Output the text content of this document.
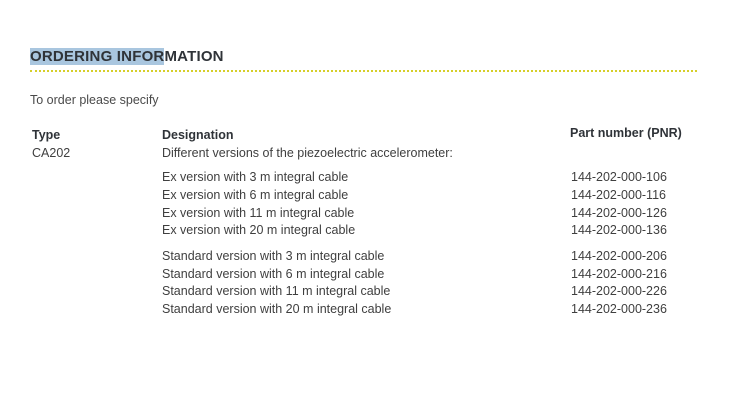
ORDERING INFORMATION
To order please specify
Type	Designation	Part number (PNR)
CA202	Different versions of the piezoelectric accelerometer:
Ex version with 3 m integral cable	144-202-000-106
Ex version with 6 m integral cable	144-202-000-116
Ex version with 11 m integral cable	144-202-000-126
Ex version with 20 m integral cable	144-202-000-136
Standard version with 3 m integral cable	144-202-000-206
Standard version with 6 m integral cable	144-202-000-216
Standard version with 11 m integral cable	144-202-000-226
Standard version with 20 m integral cable	144-202-000-236
